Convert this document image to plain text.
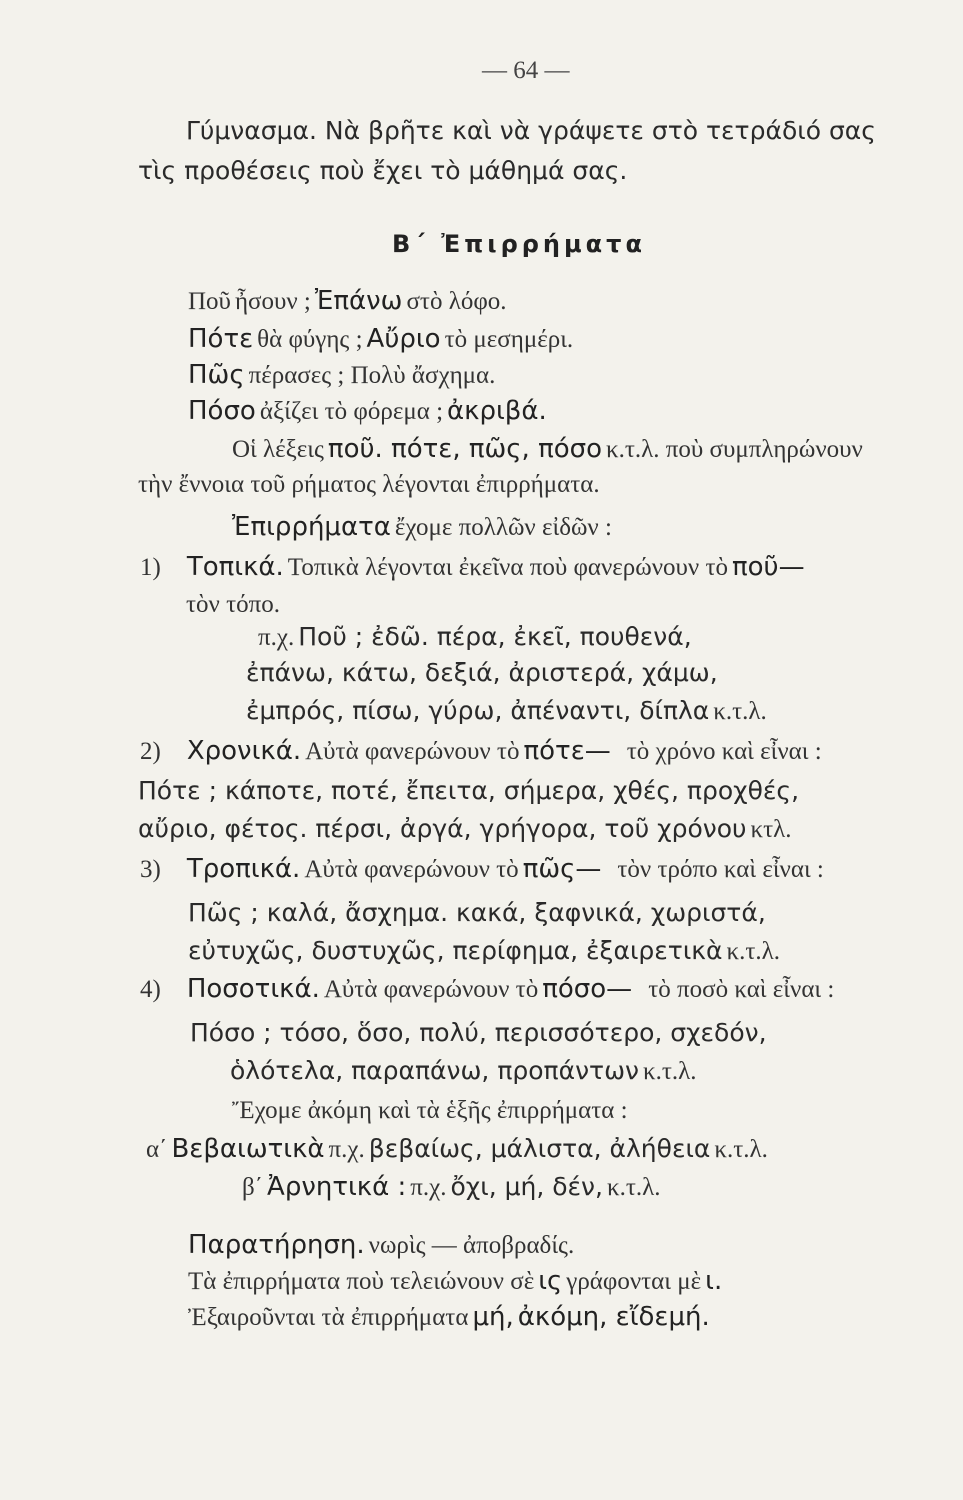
— 64 —
Γύμνασμα. Νὰ βρῆτε καὶ νὰ γράψετε στὸ τετράδιό σας
τὶς προθέσεις ποὺ ἔχει τὸ μάθημά σας.
Β΄ Ἐπιρρήματα
Ποῦ ἦσουν ; Ἐπάνω στὸ λόφο.
Πότε θὰ φύγης ; Αὔριο τὸ μεσημέρι.
Πῶς πέρασες ; Πολὺ ἄσχημα.
Πόσο ἀξίζει τὸ φόρεμα ; ἀκριβά.
Οἱ λέξεις ποῦ. πότε, πῶς, πόσο κ.τ.λ. ποὺ συμπληρώνουν
τὴν ἔννοια τοῦ ρήματος λέγονται ἐπιρρήματα.
Ἐπιρρήματα ἔχομε πολλῶν εἰδῶν :
1) Τοπικά. Τοπικὰ λέγονται ἐκεῖνα ποὺ φανερώνουν τὸ ποῦ—
τὸν τόπο.
π.χ. Ποῦ ; ἐδῶ. πέρα, ἐκεῖ, πουθενά,
ἐπάνω, κάτω, δεξιά, ἀριστερά, χάμω,
ἐμπρός, πίσω, γύρω, ἀπέναντι, δίπλα κ.τ.λ.
2) Χρονικά. Αὐτὰ φανερώνουν τὸ πότε— τὸ χρόνο καὶ εἶναι :
Πότε ; κάποτε, ποτέ, ἔπειτα, σήμερα, χθές, προχθές,
αὔριο, φέτος. πέρσι, ἀργά, γρήγορα, τοῦ χρόνου κτλ.
3) Τροπικά. Αὐτὰ φανερώνουν τὸ πῶς— τὸν τρόπο καὶ εἶναι :
Πῶς ; καλά, ἄσχημα. κακά, ξαφνικά, χωριστά,
εὐτυχῶς, δυστυχῶς, περίφημα, ἐξαιρετικὰ κ.τ.λ.
4) Ποσοτικά. Αὐτὰ φανερώνουν τὸ πόσο— τὸ ποσὸ καὶ εἶναι :
Πόσο ; τόσο, ὅσο, πολύ, περισσότερο, σχεδόν,
ὁλότελα, παραπάνω, προπάντων κ.τ.λ.
Ἔχομε ἀκόμη καὶ τὰ ἑξῆς ἐπιρρήματα :
α΄ Βεβαιωτικὰ π.χ. βεβαίως, μάλιστα, ἀλήθεια κ.τ.λ.
β΄ Ἀρνητικά : π.χ. ὄχι, μή, δέν, κ.τ.λ.
Παρατήρηση. νωρὶς — ἀποβραδίς.
Τὰ ἐπιρρήματα ποὺ τελειώνουν σὲ ις γράφονται μὲ ι.
Ἐξαιροῦνται τὰ ἐπιρρήματα μή, ἀκόμη, εἴδεμή.
